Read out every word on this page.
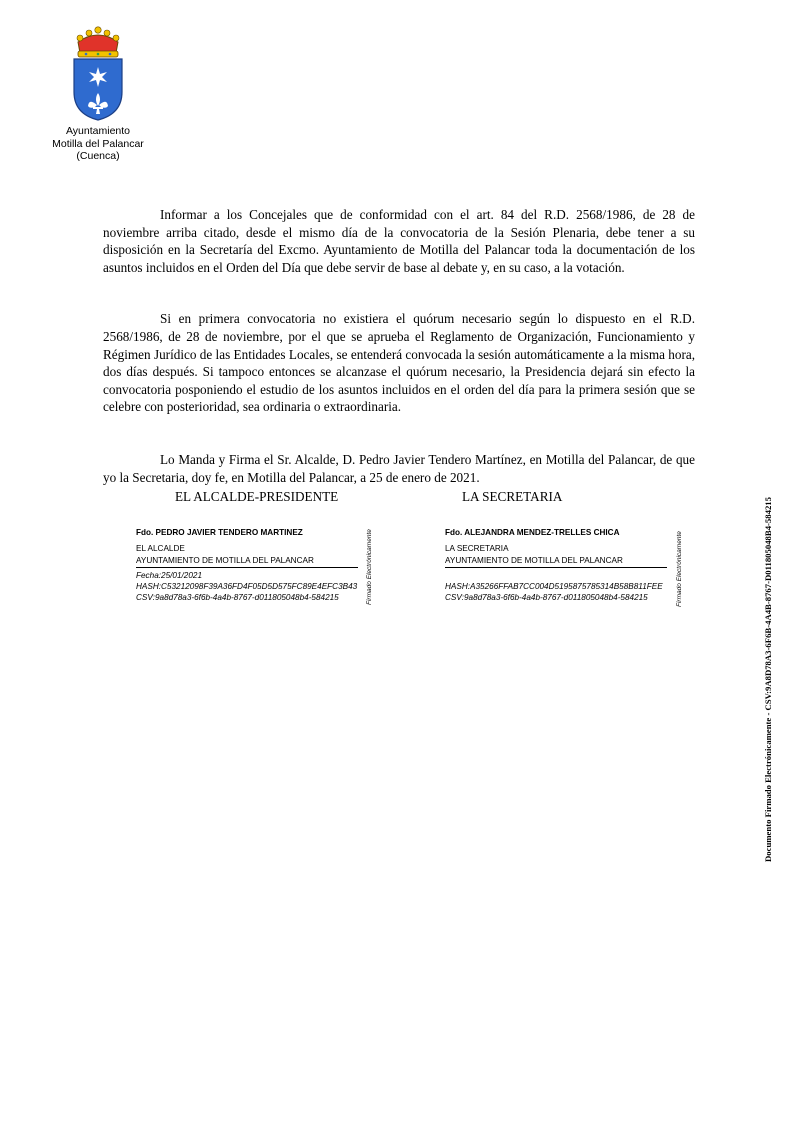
Ayuntamiento
Motilla del Palancar
(Cuenca)

Informar a los Concejales que de conformidad con el art. 84 del R.D. 2568/1986, de 28 de noviembre arriba citado, desde el mismo día de la convocatoria de la Sesión Plenaria, debe tener a su disposición en la Secretaría del Excmo. Ayuntamiento de Motilla del Palancar toda la documentación de los asuntos incluidos en el Orden del Día que debe servir de base al debate y, en su caso, a la votación.

Si en primera convocatoria no existiera el quórum necesario según lo dispuesto en el R.D. 2568/1986, de 28 de noviembre, por el que se aprueba el Reglamento de Organización, Funcionamiento y Régimen Jurídico de las Entidades Locales, se entenderá convocada la sesión automáticamente a la misma hora, dos días después. Si tampoco entonces se alcanzase el quórum necesario, la Presidencia dejará sin efecto la convocatoria posponiendo el estudio de los asuntos incluidos en el orden del día para la primera sesión que se celebre con posterioridad, sea ordinaria o extraordinaria.

Lo Manda y Firma el Sr. Alcalde, D. Pedro Javier Tendero Martínez, en Motilla del Palancar, de que yo la Secretaria, doy fe, en Motilla del Palancar, a 25 de enero de 2021.

EL ALCALDE-PRESIDENTE	LA SECRETARIA
Fdo. PEDRO JAVIER TENDERO MARTINEZ
EL ALCALDE
AYUNTAMIENTO DE MOTILLA DEL PALANCAR
Fecha:25/01/2021
HASH:C53212098F39A36FD4F05D5D575FC89E4EFC3B43
CSV:9a8d78a3-6f6b-4a4b-8767-d011805048b4-584215	Firmado Electrónicamente	Fdo. ALEJANDRA MENDEZ-TRELLES CHICA
LA SECRETARIA
AYUNTAMIENTO DE MOTILLA DEL PALANCAR
HASH:A35266FFAB7CC004D5195875785314B58B811FEE
CSV:9a8d78a3-6f6b-4a4b-8767-d011805048b4-584215	Firmado Electrónicamente	Documento Firmado Electrónicamente - CSV:9A8D78A3-6F6B-4A4B-8767-D011805048B4-584215
